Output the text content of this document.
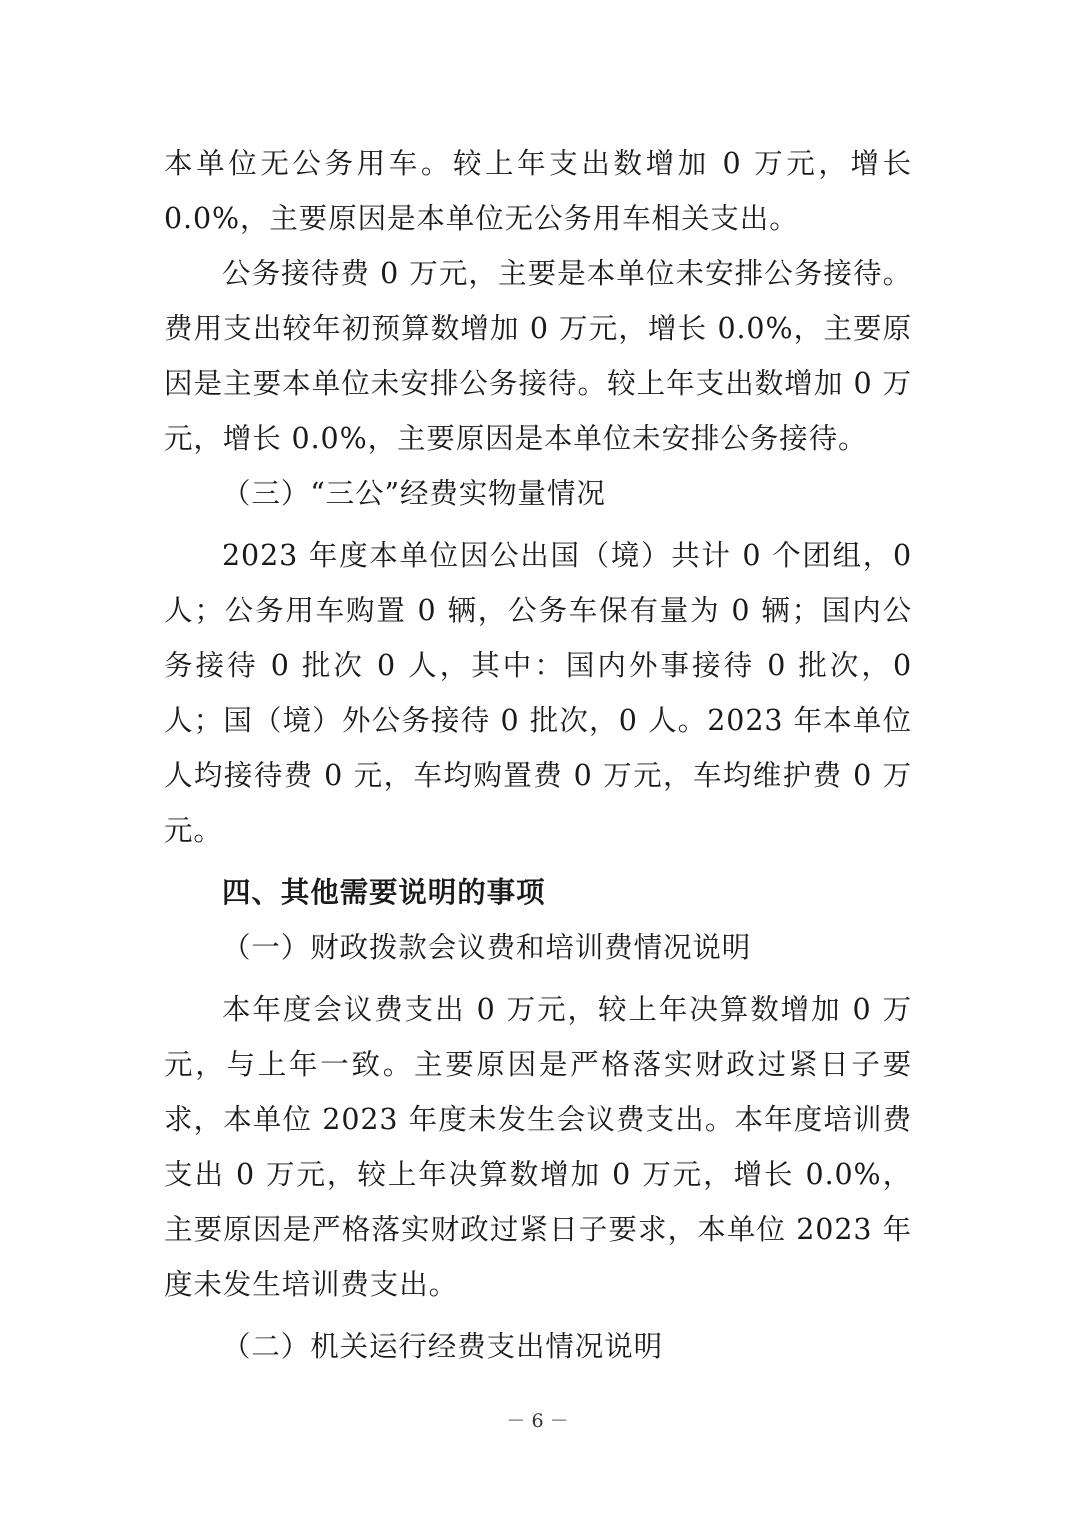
本单位无公务用车。较上年支出数增加 0 万元，增长 0.0%，主要原因是本单位无公务用车相关支出。

公务接待费 0 万元，主要是本单位未安排公务接待。费用支出较年初预算数增加 0 万元，增长 0.0%，主要原因是主要本单位未安排公务接待。较上年支出数增加 0 万元，增长 0.0%，主要原因是本单位未安排公务接待。

（三）“三公”经费实物量情况

2023 年度本单位因公出国（境）共计 0 个团组，0 人；公务用车购置 0 辆，公务车保有量为 0 辆；国内公务接待 0 批次 0 人，其中：国内外事接待 0 批次，0 人；国（境）外公务接待 0 批次，0 人。2023 年本单位人均接待费 0 元，车均购置费 0 万元，车均维护费 0 万元。

四、其他需要说明的事项

（一）财政拨款会议费和培训费情况说明

本年度会议费支出 0 万元，较上年决算数增加 0 万元，与上年一致。主要原因是严格落实财政过紧日子要求，本单位 2023 年度未发生会议费支出。本年度培训费支出 0 万元，较上年决算数增加 0 万元，增长 0.0%，主要原因是严格落实财政过紧日子要求，本单位 2023 年度未发生培训费支出。

（二）机关运行经费支出情况说明

－ 6 －
